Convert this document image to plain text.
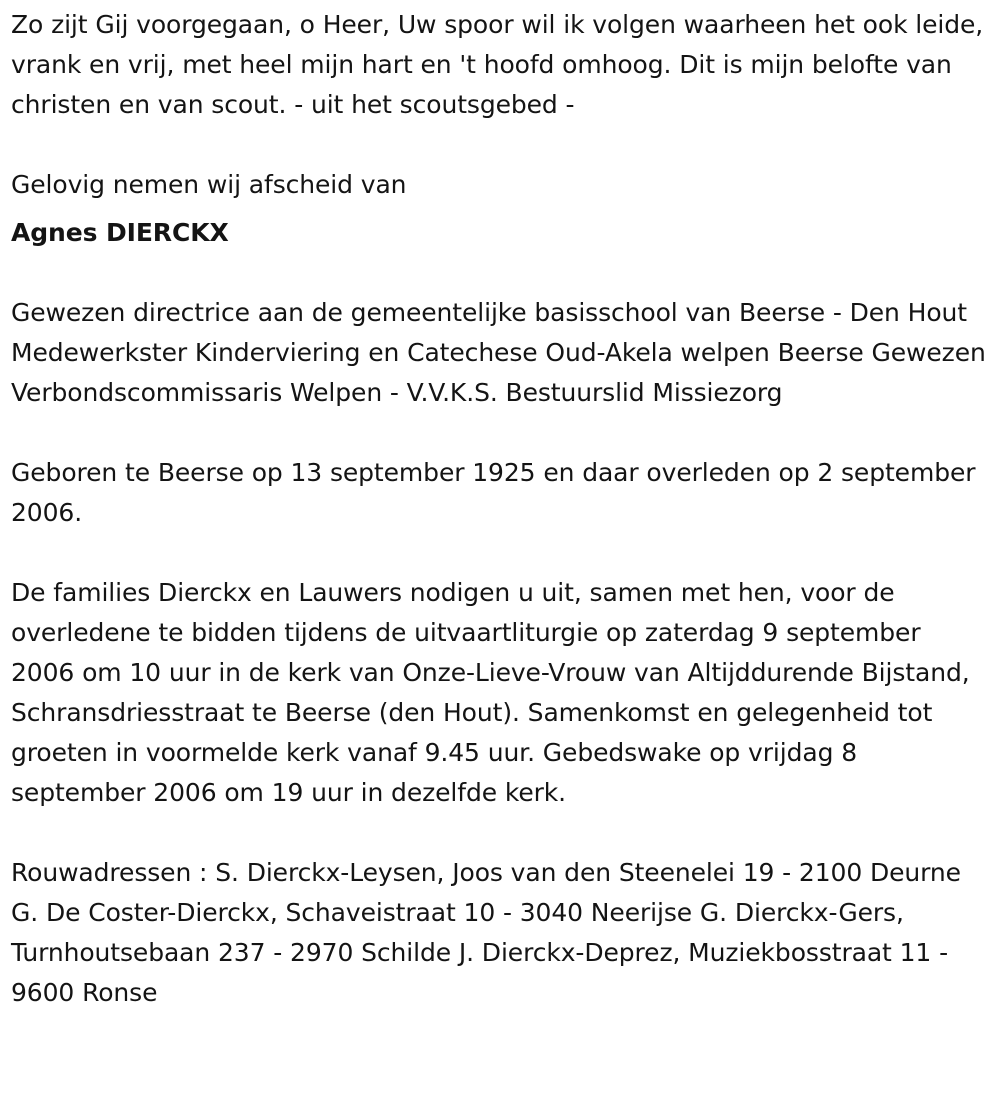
Zo zijt Gij voorgegaan, o Heer, Uw spoor wil ik volgen waarheen het ook leide, vrank en vrij, met heel mijn hart en 't hoofd omhoog. Dit is mijn belofte van christen en van scout. - uit het scoutsgebed -

Gelovig nemen wij afscheid van

Agnes DIERCKX

Gewezen directrice aan de gemeentelijke basisschool van Beerse - Den Hout Medewerkster Kinderviering en Catechese Oud-Akela welpen Beerse Gewezen Verbondscommissaris Welpen - V.V.K.S. Bestuurslid Missiezorg

Geboren te Beerse op 13 september 1925 en daar overleden op 2 september 2006.

De families Dierckx en Lauwers nodigen u uit, samen met hen, voor de overledene te bidden tijdens de uitvaartliturgie op zaterdag 9 september 2006 om 10 uur in de kerk van Onze-Lieve-Vrouw van Altijddurende Bijstand, Schransdriesstraat te Beerse (den Hout). Samenkomst en gelegenheid tot groeten in voormelde kerk vanaf 9.45 uur. Gebedswake op vrijdag 8 september 2006 om 19 uur in dezelfde kerk.

Rouwadressen : S. Dierckx-Leysen, Joos van den Steenelei 19 - 2100 Deurne G. De Coster-Dierckx, Schaveistraat 10 - 3040 Neerijse G. Dierckx-Gers, Turnhoutsebaan 237 - 2970 Schilde J. Dierckx-Deprez, Muziekbosstraat 11 - 9600 Ronse
